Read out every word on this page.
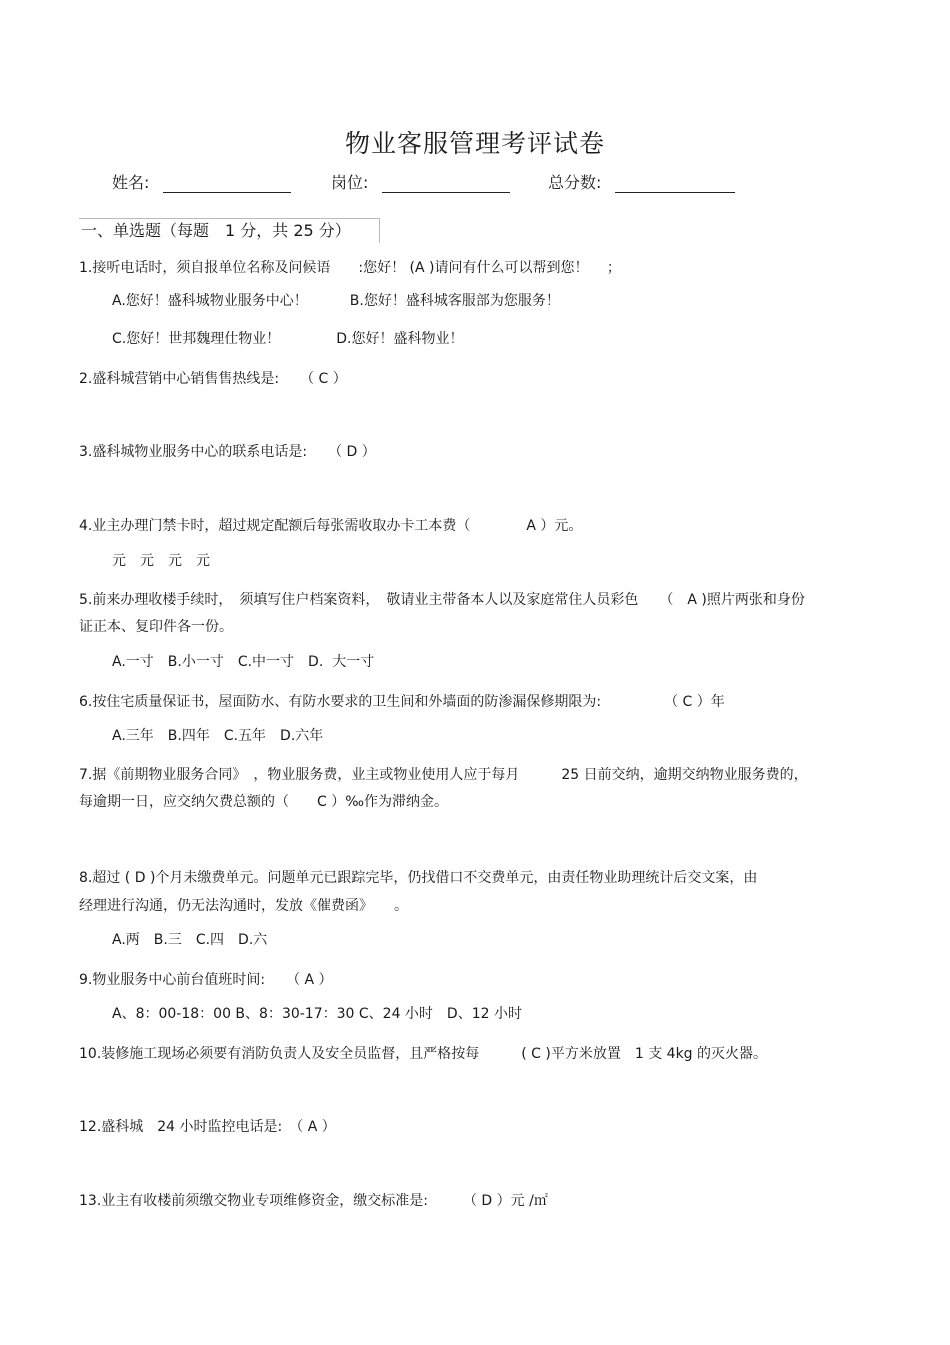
物业客服管理考评试卷
姓名:	岗位:	总分数:
一、单选题（每题　1 分，共 25 分）
1.接听电话时，须自报单位名称及问候语　　:您好！ (A )请问有什么可以帮到您！　 ；
A.您好！盛科城物业服务中心！　　　B.您好！盛科城客服部为您服务！
C.您好！世邦魏理仕物业！　　　　D.您好！盛科物业！
2.盛科城营销中心销售售热线是:　　（ C ）
3.盛科城物业服务中心的联系电话是:　　（ D ）
4.业主办理门禁卡时，超过规定配额后每张需收取办卡工本费（　　　　A ）元。
元　元　元　元
5.前来办理收楼手续时，　须填写住户档案资料，　敬请业主带备本人以及家庭常住人员彩色　　（　A )照片两张和身份
证正本、复印件各一份。
A.一寸　B.小一寸　C.中一寸　D.  大一寸
6.按住宅质量保证书，屋面防水、有防水要求的卫生间和外墙面的防渗漏保修期限为:　　　　　（ C ）年
A.三年　B.四年　C.五年　D.六年
7.据《前期物业服务合同》　，物业服务费，业主或物业使用人应于每月　　　25 日前交纳，逾期交纳物业服务费的，
每逾期一日，应交纳欠费总额的（　　C ）‰作为滞纳金。
8.超过 ( D )个月未缴费单元。问题单元已跟踪完毕，仍找借口不交费单元，由责任物业助理统计后交文案，由
经理进行沟通，仍无法沟通时，发放《催费函》　　。
A.两　B.三　C.四　D.六
9.物业服务中心前台值班时间:　　（ A ）
A、8：00-18：00 B、8：30-17：30 C、24 小时　D、12 小时
10.装修施工现场必须要有消防负责人及安全员监督，且严格按每　　　( C )平方米放置　1 支 4kg 的灭火器。
12.盛科城　24 小时监控电话是:　（ A ）
13.业主有收楼前须缴交物业专项维修资金，缴交标准是:　　　（ D ）元 /㎡
